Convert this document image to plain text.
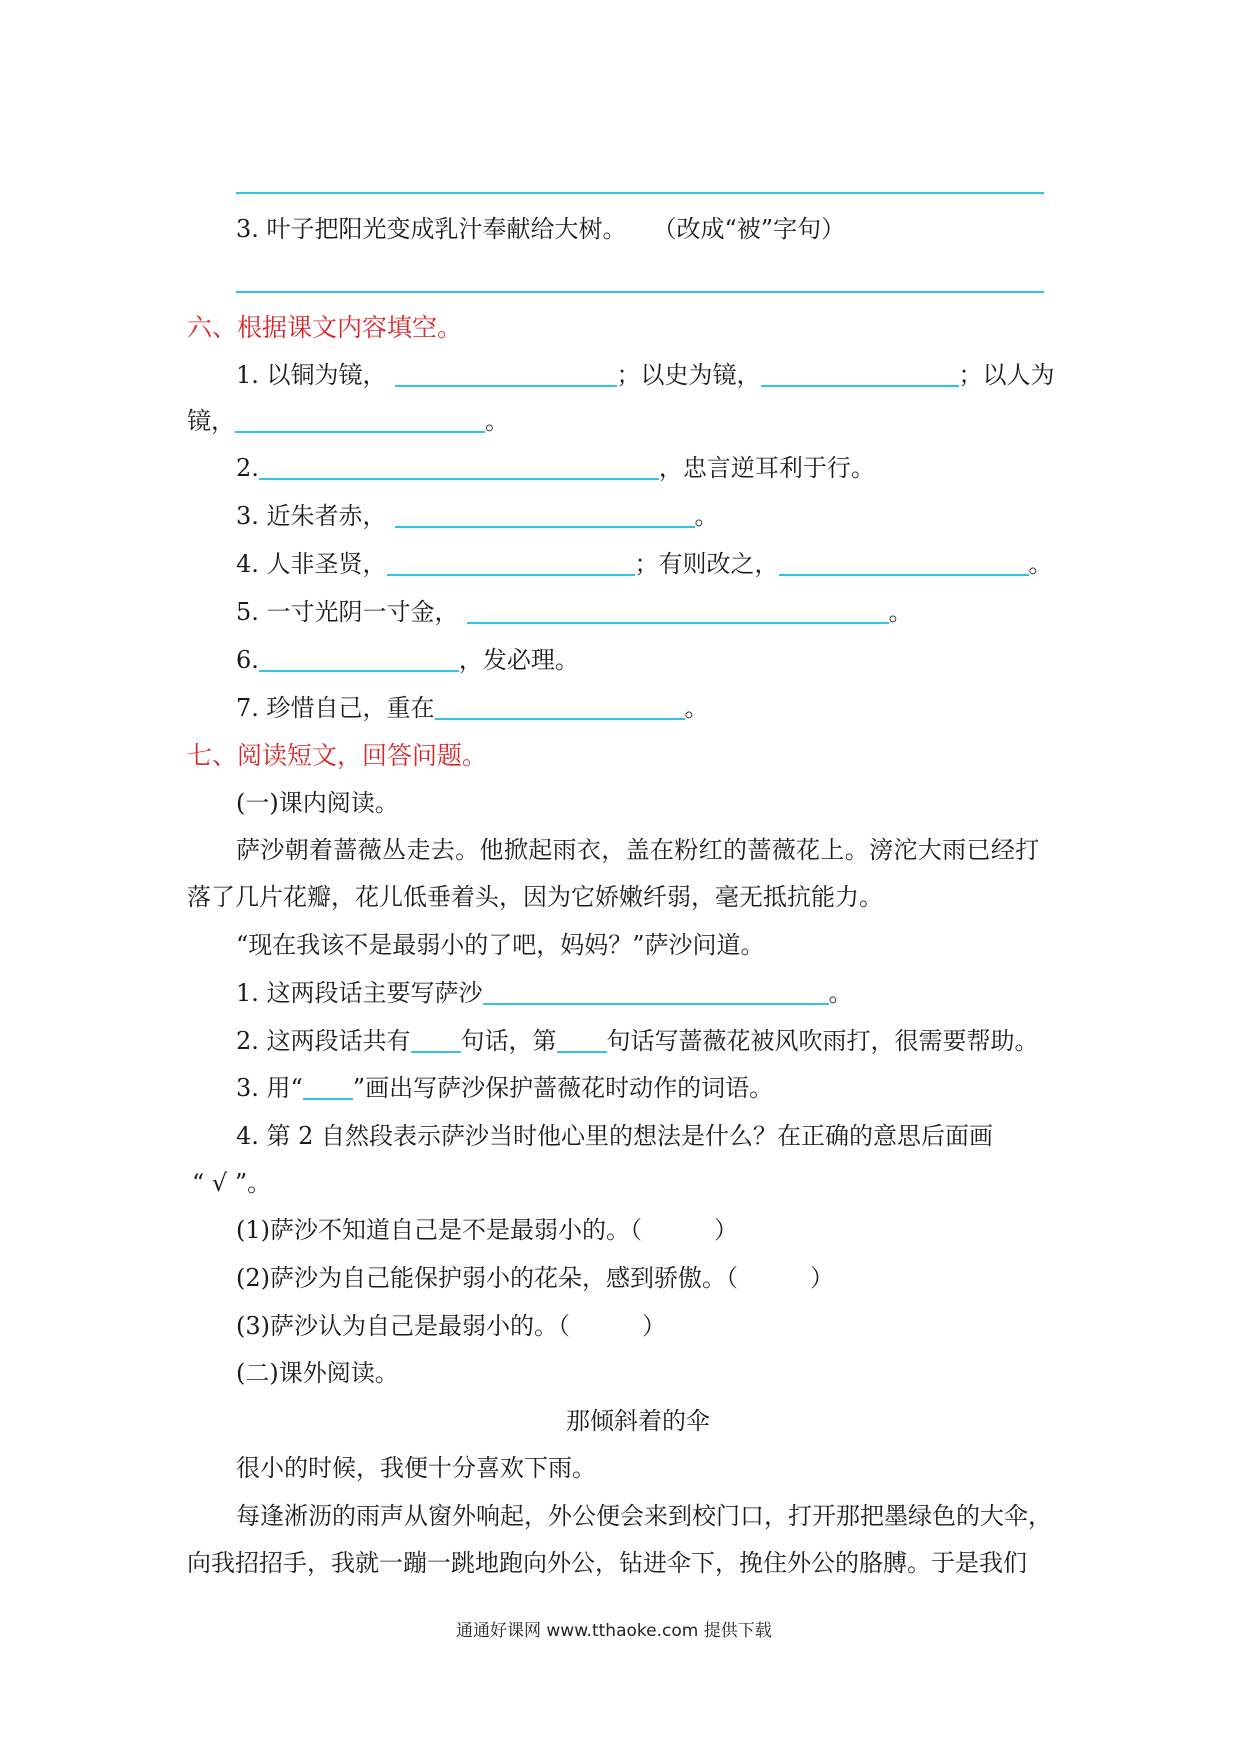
3. 叶子把阳光变成乳汁奉献给大树。 （改成“被”字句）
六、根据课文内容填空。
1. 以铜为镜，	；以史为镜，	；以人为
镜，	。
2.	，忠言逆耳利于行。
3. 近朱者赤，	。
4. 人非圣贤，	；有则改之，	。
5. 一寸光阴一寸金，	。
6.	，发必理。
7. 珍惜自己，重在	。
七、阅读短文，回答问题。
(一)课内阅读。
萨沙朝着蔷薇丛走去。他掀起雨衣，盖在粉红的蔷薇花上。滂沱大雨已经打
落了几片花瓣，花儿低垂着头，因为它娇嫩纤弱，毫无抵抗能力。
“现在我该不是最弱小的了吧，妈妈？”萨沙问道。
1. 这两段话主要写萨沙	。
2. 这两段话共有 句话，第 句话写蔷薇花被风吹雨打，很需要帮助。
3. 用“ ”画出写萨沙保护蔷薇花时动作的词语。
4. 第 2 自然段表示萨沙当时他心里的想法是什么？在正确的意思后面画
“ √ ”。
(1)萨沙不知道自己是不是最弱小的。（　　　）
(2)萨沙为自己能保护弱小的花朵，感到骄傲。（　　　）
(3)萨沙认为自己是最弱小的。（　　　）
(二)课外阅读。
那倾斜着的伞
很小的时候，我便十分喜欢下雨。
每逢淅沥的雨声从窗外响起，外公便会来到校门口，打开那把墨绿色的大伞，
向我招招手，我就一蹦一跳地跑向外公，钻进伞下，挽住外公的胳膊。于是我们
通通好课网 www.tthaoke.com 提供下载
